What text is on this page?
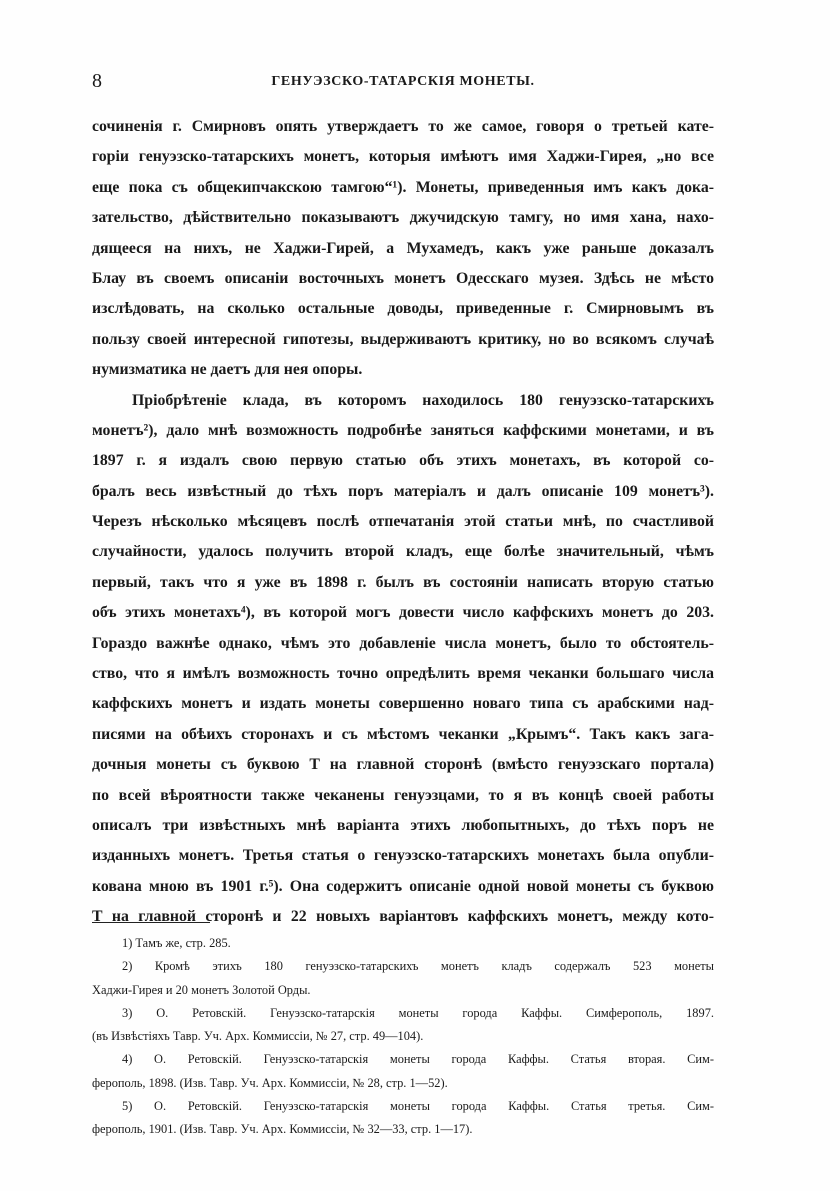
8	ГЕНУЭЗСКО-ТАТАРСКІЯ МОНЕТЫ.
сочиненія г. Смирновъ опять утверждаетъ то же самое, говоря о третьей кате-
горіи генуэзско-татарскихъ монетъ, которыя имѣютъ имя Хаджи-Гирея, „но все
еще пока съ общекипчакскою тамгою“¹). Монеты, приведенныя имъ какъ дока-
зательство, дѣйствительно показываютъ джучидскую тамгу, но имя хана, нахо-
дящееся на нихъ, не Хаджи-Гирей, а Мухамедъ, какъ уже раньше доказалъ
Блау въ своемъ описаніи восточныхъ монетъ Одесскаго музея. Здѣсь не мѣсто
изслѣдовать, на сколько остальные доводы, приведенные г. Смирновымъ въ
пользу своей интересной гипотезы, выдерживаютъ критику, но во всякомъ случаѣ
нумизматика не даетъ для нея опоры.
Пріобрѣтеніе клада, въ которомъ находилось 180 генуэзско-татарскихъ
монетъ²), дало мнѣ возможность подробнѣе заняться каффскими монетами, и въ
1897 г. я издалъ свою первую статью объ этихъ монетахъ, въ которой со-
бралъ весь извѣстный до тѣхъ поръ матеріалъ и далъ описаніе 109 монетъ³).
Черезъ нѣсколько мѣсяцевъ послѣ отпечатанія этой статьи мнѣ, по счастливой
случайности, удалось получить второй кладъ, еще болѣе значительный, чѣмъ
первый, такъ что я уже въ 1898 г. былъ въ состояніи написать вторую статью
объ этихъ монетахъ⁴), въ которой могъ довести число каффскихъ монетъ до 203.
Гораздо важнѣе однако, чѣмъ это добавленіе числа монетъ, было то обстоятель-
ство, что я имѣлъ возможность точно опредѣлить время чеканки большаго числа
каффскихъ монетъ и издать монеты совершенно новаго типа съ арабскими над-
писями на обѣихъ сторонахъ и съ мѣстомъ чеканки „Крымъ“. Такъ какъ зага-
дочныя монеты съ буквою Т на главной сторонѣ (вмѣсто генуэзскаго портала)
по всей вѣроятности также чеканены генуэзцами, то я въ концѣ своей работы
описалъ три извѣстныхъ мнѣ варіанта этихъ любопытныхъ, до тѣхъ поръ не
изданныхъ монетъ. Третья статья о генуэзско-татарскихъ монетахъ была опубли-
кована мною въ 1901 г.⁵). Она содержитъ описаніе одной новой монеты съ буквою
Т на главной сторонѣ и 22 новыхъ варіантовъ каффскихъ монетъ, между кото-
1) Тамъ же, стр. 285.
2) Кромѣ этихъ 180 генуэзско-татарскихъ монетъ кладъ содержалъ 523 монеты
Хаджи-Гирея и 20 монетъ Золотой Орды.
3) О. Ретовскій. Генуэзско-татарскія монеты города Каффы. Симферополь, 1897.
(въ Извѣстіяхъ Тавр. Уч. Арх. Коммиссіи, № 27, стр. 49—104).
4) О. Ретовскій. Генуэзско-татарскія монеты города Каффы. Статья вторая. Сим-
ферополь, 1898. (Изв. Тавр. Уч. Арх. Коммиссіи, № 28, стр. 1—52).
5) О. Ретовскій. Генуэзско-татарскія монеты города Каффы. Статья третья. Сим-
ферополь, 1901. (Изв. Тавр. Уч. Арх. Коммиссіи, № 32—33, стр. 1—17).
